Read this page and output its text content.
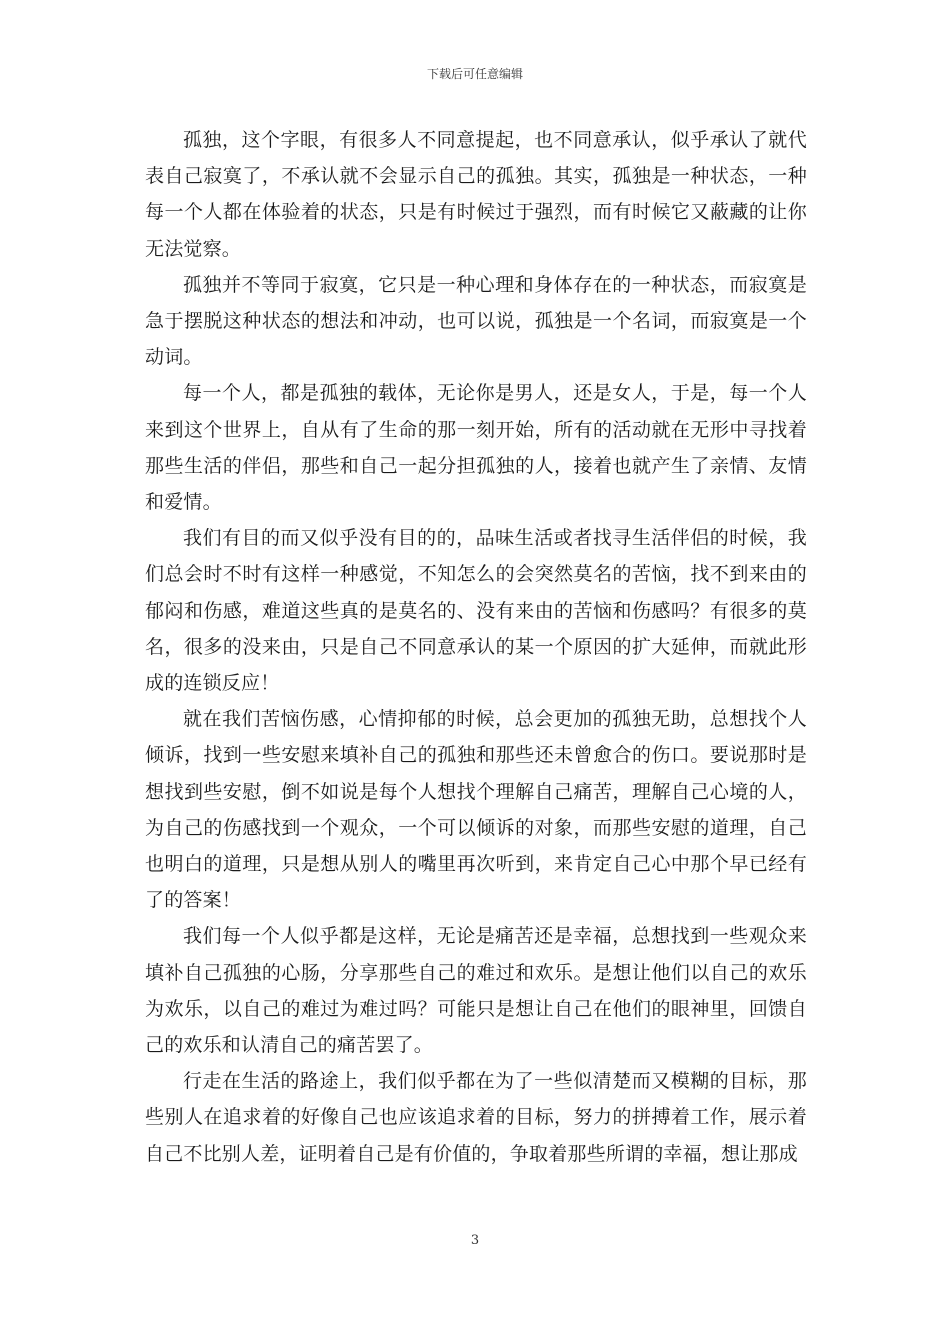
下载后可任意编辑

孤独，这个字眼，有很多人不同意提起，也不同意承认，似乎承认了就代表自己寂寞了，不承认就不会显示自己的孤独。其实，孤独是一种状态，一种每一个人都在体验着的状态，只是有时候过于强烈，而有时候它又蔽藏的让你无法觉察。

孤独并不等同于寂寞，它只是一种心理和身体存在的一种状态，而寂寞是急于摆脱这种状态的想法和冲动，也可以说，孤独是一个名词，而寂寞是一个动词。

每一个人，都是孤独的载体，无论你是男人，还是女人，于是，每一个人来到这个世界上，自从有了生命的那一刻开始，所有的活动就在无形中寻找着那些生活的伴侣，那些和自己一起分担孤独的人，接着也就产生了亲情、友情和爱情。

我们有目的而又似乎没有目的的，品味生活或者找寻生活伴侣的时候，我们总会时不时有这样一种感觉，不知怎么的会突然莫名的苦恼，找不到来由的郁闷和伤感，难道这些真的是莫名的、没有来由的苦恼和伤感吗？有很多的莫名，很多的没来由，只是自己不同意承认的某一个原因的扩大延伸，而就此形成的连锁反应！

就在我们苦恼伤感，心情抑郁的时候，总会更加的孤独无助，总想找个人倾诉，找到一些安慰来填补自己的孤独和那些还未曾愈合的伤口。要说那时是想找到些安慰，倒不如说是每个人想找个理解自己痛苦，理解自己心境的人，为自己的伤感找到一个观众，一个可以倾诉的对象，而那些安慰的道理，自己也明白的道理，只是想从别人的嘴里再次听到，来肯定自己心中那个早已经有了的答案！

我们每一个人似乎都是这样，无论是痛苦还是幸福，总想找到一些观众来填补自己孤独的心肠，分享那些自己的难过和欢乐。是想让他们以自己的欢乐为欢乐，以自己的难过为难过吗？可能只是想让自己在他们的眼神里，回馈自己的欢乐和认清自己的痛苦罢了。

行走在生活的路途上，我们似乎都在为了一些似清楚而又模糊的目标，那些别人在追求着的好像自己也应该追求着的目标，努力的拼搏着工作，展示着自己不比别人差，证明着自己是有价值的，争取着那些所谓的幸福，想让那成

3
